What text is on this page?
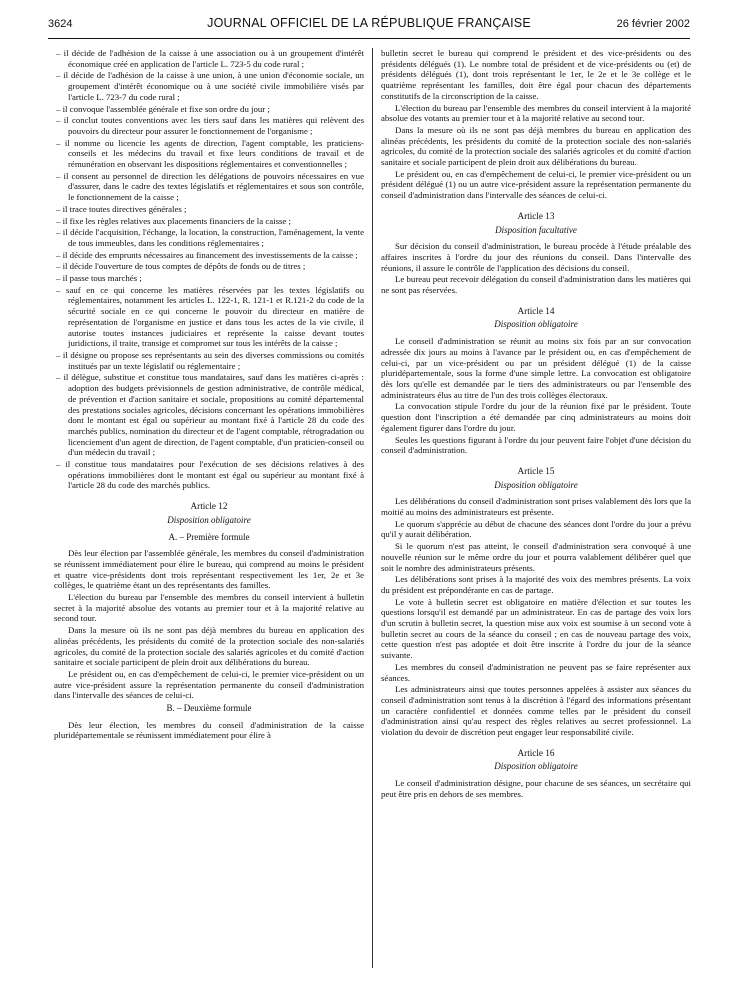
3624	JOURNAL OFFICIEL DE LA RÉPUBLIQUE FRANÇAISE	26 février 2002
– il décide de l'adhésion de la caisse à une association ou à un groupement d'intérêt économique créé en application de l'article L. 723-5 du code rural ;
– il décide de l'adhésion de la caisse à une union, à une union d'économie sociale, un groupement d'intérêt économique ou à une société civile immobilière visés par l'article L. 723-7 du code rural ;
– il convoque l'assemblée générale et fixe son ordre du jour ;
– il conclut toutes conventions avec les tiers sauf dans les matières qui relèvent des pouvoirs du directeur pour assurer le fonctionnement de l'organisme ;
– il nomme ou licencie les agents de direction, l'agent comptable, les praticiens-conseils et les médecins du travail et fixe leurs conditions de travail et de rémunération en observant les dispositions réglementaires et conventionnelles ;
– il consent au personnel de direction les délégations de pouvoirs nécessaires en vue d'assurer, dans le cadre des textes législatifs et réglementaires et sous son contrôle, le fonctionnement de la caisse ;
– il trace toutes directives générales ;
– il fixe les règles relatives aux placements financiers de la caisse ;
– il décide l'acquisition, l'échange, la location, la construction, l'aménagement, la vente de tous immeubles, dans les conditions réglementaires ;
– il décide des emprunts nécessaires au financement des investissements de la caisse ;
– il décide l'ouverture de tous comptes de dépôts de fonds ou de titres ;
– il passe tous marchés ;
– sauf en ce qui concerne les matières réservées par les textes législatifs ou réglementaires, notamment les articles L. 122-1, R. 121-1 et R.121-2 du code de la sécurité sociale en ce qui concerne le pouvoir du directeur en matière de représentation de l'organisme en justice et dans tous les actes de la vie civile, il autorise toutes instances judiciaires et représente la caisse devant toutes juridictions, il traite, transige et compromet sur tous les intérêts de la caisse ;
– il désigne ou propose ses représentants au sein des diverses commissions ou comités institués par un texte législatif ou réglementaire ;
– il délègue, substitue et constitue tous mandataires, sauf dans les matières ci-après : adoption des budgets prévisionnels de gestion administrative, de contrôle médical, de prévention et d'action sanitaire et sociale, propositions au comité départemental des prestations sociales agricoles, décisions concernant les opérations immobilières dont le montant est égal ou supérieur au montant fixé à l'article 28 du code des marchés publics, nomination du directeur et de l'agent comptable, rétrogradation ou licenciement d'un agent de direction, de l'agent comptable, d'un praticien-conseil ou d'un médecin du travail ;
– il constitue tous mandataires pour l'exécution de ses décisions relatives à des opérations immobilières dont le montant est égal ou supérieur au montant fixé à l'article 28 du code des marchés publics.
Article 12
Disposition obligatoire
A. – Première formule
Dès leur élection par l'assemblée générale, les membres du conseil d'administration se réunissent immédiatement pour élire le bureau, qui comprend au moins le président et quatre vice-présidents dont trois représentant respectivement les 1er, 2e et 3e collèges, le quatrième étant un des représentants des familles.
L'élection du bureau par l'ensemble des membres du conseil intervient à bulletin secret à la majorité absolue des votants au premier tour et à la majorité relative au second tour.
Dans la mesure où ils ne sont pas déjà membres du bureau en application des alinéas précédents, les présidents du comité de la protection sociale des non-salariés agricoles, du comité de la protection sociale des salariés agricoles et du comité d'action sanitaire et sociale participent de plein droit aux délibérations du bureau.
Le président ou, en cas d'empêchement de celui-ci, le premier vice-président ou un autre vice-président assure la représentation permanente du conseil d'administration dans l'intervalle des séances de celui-ci.
B. – Deuxième formule
Dès leur élection, les membres du conseil d'administration de la caisse pluridépartementale se réunissent immédiatement pour élire à
bulletin secret le bureau qui comprend le président et des vice-présidents ou des présidents délégués (1). Le nombre total de président et de vice-présidents ou (et) de présidents délégués (1), dont trois représentant le 1er, le 2e et le 3e collège et le quatrième représentant les familles, doit être égal pour chacun des départements constitutifs de la circonscription de la caisse.
L'élection du bureau par l'ensemble des membres du conseil intervient à la majorité absolue des votants au premier tour et à la majorité relative au second tour.
Dans la mesure où ils ne sont pas déjà membres du bureau en application des alinéas précédents, les présidents du comité de la protection sociale des non-salariés agricoles, du comité de la protection sociale des salariés agricoles et du comité d'action sanitaire et sociale participent de plein droit aux délibérations du bureau.
Le président ou, en cas d'empêchement de celui-ci, le premier vice-président ou un président délégué (1) ou un autre vice-président assure la représentation permanente du conseil d'administration dans l'intervalle des séances de celui-ci.
Article 13
Disposition facultative
Sur décision du conseil d'administration, le bureau procède à l'étude préalable des affaires inscrites à l'ordre du jour des réunions du conseil. Dans l'intervalle des réunions, il assure le contrôle de l'application des décisions du conseil.
Le bureau peut recevoir délégation du conseil d'administration dans les matières qui ne sont pas réservées.
Article 14
Disposition obligatoire
Le conseil d'administration se réunit au moins six fois par an sur convocation adressée dix jours au moins à l'avance par le président ou, en cas d'empêchement de celui-ci, par un vice-président ou par un président délégué (1) de la caisse pluridépartementale, sous la forme d'une simple lettre. La convocation est obligatoire dès lors qu'elle est demandée par le tiers des administrateurs ou par l'ensemble des administrateurs élus au titre de l'un des trois collèges électoraux.
La convocation stipule l'ordre du jour de la réunion fixé par le président. Toute question dont l'inscription a été demandée par cinq administrateurs au moins doit également figurer dans l'ordre du jour.
Seules les questions figurant à l'ordre du jour peuvent faire l'objet d'une décision du conseil d'administration.
Article 15
Disposition obligatoire
Les délibérations du conseil d'administration sont prises valablement dès lors que la moitié au moins des administrateurs est présente.
Le quorum s'apprécie au début de chacune des séances dont l'ordre du jour a prévu qu'il y aurait délibération.
Si le quorum n'est pas atteint, le conseil d'administration sera convoqué à une nouvelle réunion sur le même ordre du jour et pourra valablement délibérer quel que soit le nombre des administrateurs présents.
Les délibérations sont prises à la majorité des voix des membres présents. La voix du président est prépondérante en cas de partage.
Le vote à bulletin secret est obligatoire en matière d'élection et sur toutes les questions lorsqu'il est demandé par un administrateur. En cas de partage des voix lors d'un scrutin à bulletin secret, la question mise aux voix est soumise à un second vote à bulletin secret au cours de la séance du conseil ; en cas de nouveau partage des voix, cette question n'est pas adoptée et doit être inscrite à l'ordre du jour de la séance suivante.
Les membres du conseil d'administration ne peuvent pas se faire représenter aux séances.
Les administrateurs ainsi que toutes personnes appelées à assister aux séances du conseil d'administration sont tenus à la discrétion à l'égard des informations présentant un caractère confidentiel et données comme telles par le président du conseil d'administration ainsi qu'au respect des règles relatives au secret professionnel. La violation du devoir de discrétion peut engager leur responsabilité civile.
Article 16
Disposition obligatoire
Le conseil d'administration désigne, pour chacune de ses séances, un secrétaire qui peut être pris en dehors de ses membres.
